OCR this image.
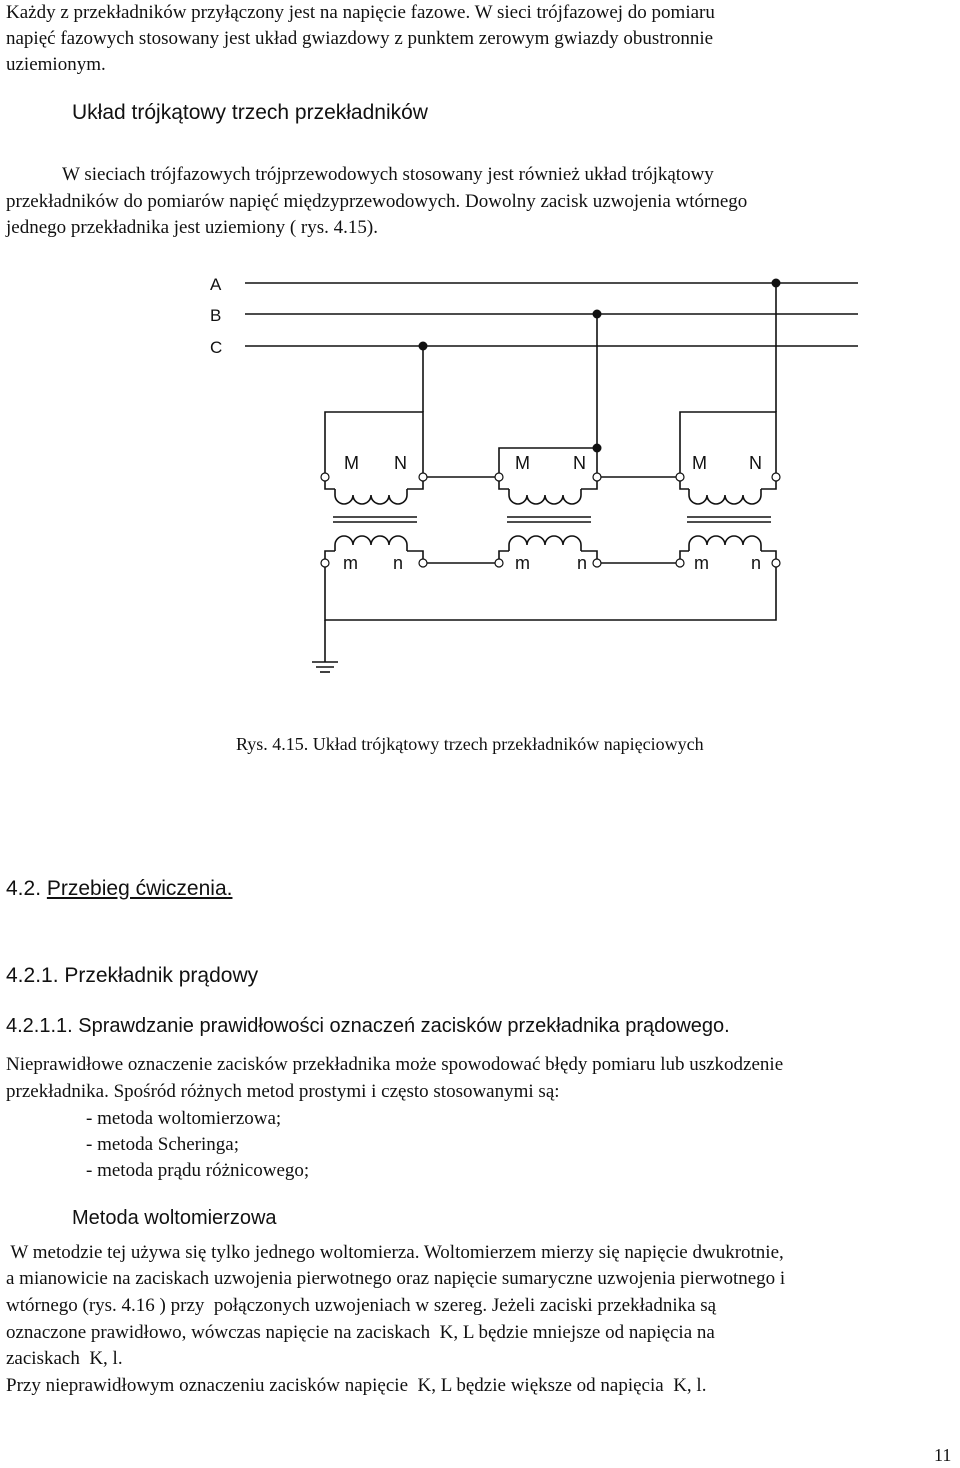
Każdy z przekładników przyłączony jest na napięcie fazowe. W sieci trójfazowej do pomiaru
napięć fazowych stosowany jest układ gwiazdowy z punktem zerowym gwiazdy obustronnie
uziemionym.
Układ trójkątowy trzech przekładników
W sieciach trójfazowych trójprzewodowych stosowany jest również układ trójkątowy
przekładników do pomiarów napięć międzyprzewodowych. Dowolny zacisk uzwojenia wtórnego
jednego przekładnika jest uziemiony ( rys. 4.15).
A
B
C
M N	M N	M N
m n	m	n	m n
Rys. 4.15. Układ trójkątowy trzech przekładników napięciowych
4.2. Przebieg ćwiczenia.
4.2.1. Przekładnik prądowy
4.2.1.1. Sprawdzanie prawidłowości oznaczeń zacisków przekładnika prądowego.
Nieprawidłowe oznaczenie zacisków przekładnika może spowodować błędy pomiaru lub uszkodzenie
przekładnika. Spośród różnych metod prostymi i często stosowanymi są:
- metoda woltomierzowa;
- metoda Scheringa;
- metoda prądu różnicowego;
Metoda woltomierzowa
W metodzie tej używa się tylko jednego woltomierza. Woltomierzem mierzy się napięcie dwukrotnie,
a mianowicie na zaciskach uzwojenia pierwotnego oraz napięcie sumaryczne uzwojenia pierwotnego i
wtórnego (rys. 4.16 ) przy  połączonych uzwojeniach w szereg. Jeżeli zaciski przekładnika są
oznaczone prawidłowo, wówczas napięcie na zaciskach  K, L będzie mniejsze od napięcia na
zaciskach  K, l.
Przy nieprawidłowym oznaczeniu zacisków napięcie  K, L będzie większe od napięcia  K, l.
11
